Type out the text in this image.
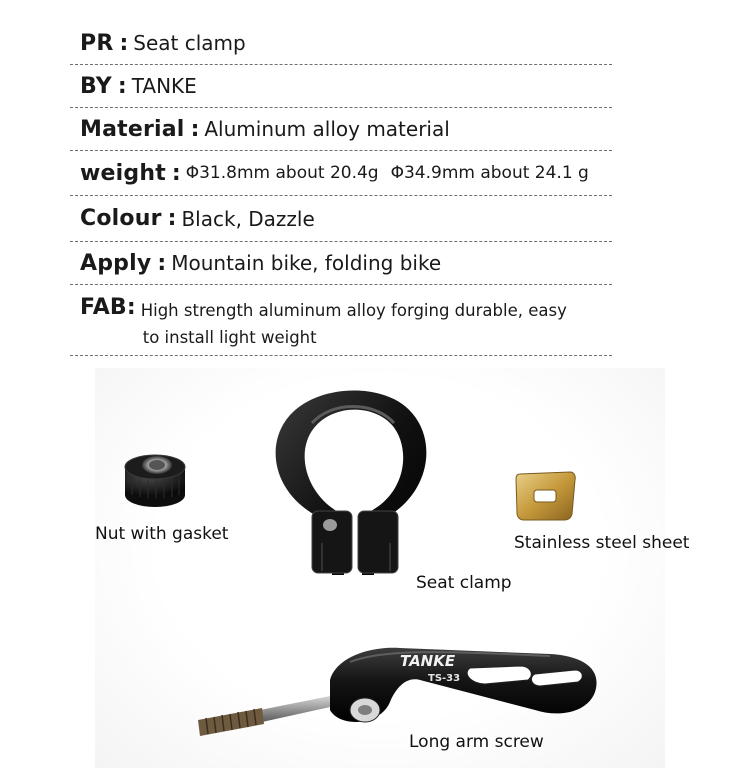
PR : Seat clamp
BY : TANKE
Material : Aluminum alloy material
weight : Φ31.8mm about 20.4g Φ34.9mm about 24.1 g
Colour : Black, Dazzle
Apply : Mountain bike, folding bike
FAB : High strength aluminum alloy forging durable, easy
to install light weight
Nut with gasket
Seat clamp
Stainless steel sheet
TANKE
TS-33
Long arm screw
